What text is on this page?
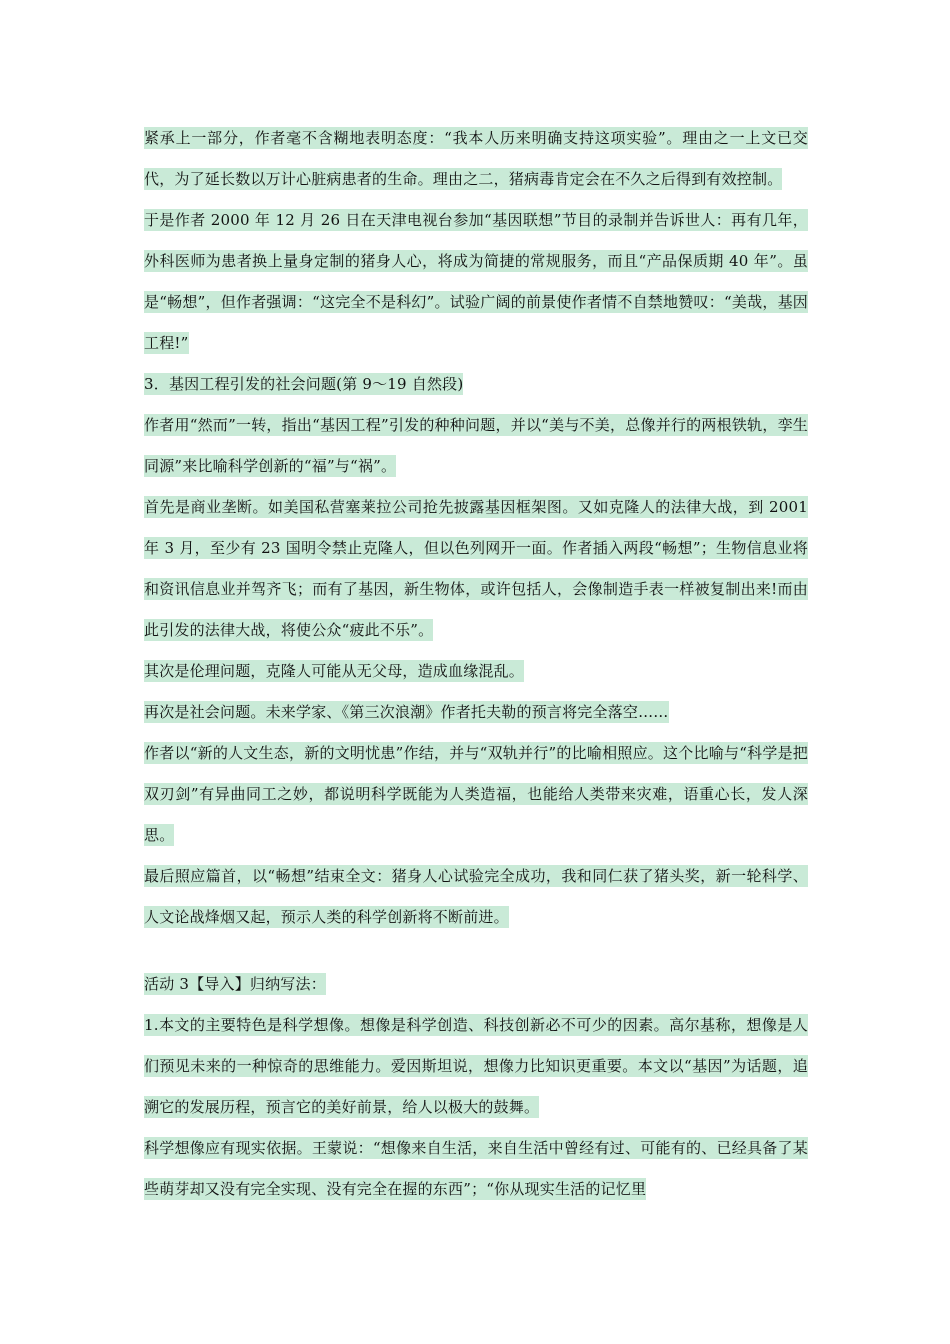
紧承上一部分，作者毫不含糊地表明态度：“我本人历来明确支持这项实验”。理由之一上文已交代，为了延长数以万计心脏病患者的生命。理由之二，猪病毒肯定会在不久之后得到有效控制。

于是作者 2000 年 12 月 26 日在天津电视台参加“基因联想”节目的录制并告诉世人：再有几年，外科医师为患者换上量身定制的猪身人心，将成为简捷的常规服务，而且“产品保质期 40 年”。虽是“畅想”，但作者强调：“这完全不是科幻”。试验广阔的前景使作者情不自禁地赞叹：“美哉，基因工程!”

3．基因工程引发的社会问题(第 9～19 自然段)

作者用“然而”一转，指出“基因工程”引发的种种问题，并以“美与不美，总像并行的两根铁轨，孪生同源”来比喻科学创新的“福”与“祸”。

首先是商业垄断。如美国私营塞莱拉公司抢先披露基因框架图。又如克隆人的法律大战，到 2001 年 3 月，至少有 23 国明令禁止克隆人，但以色列网开一面。作者插入两段“畅想”；生物信息业将和资讯信息业并驾齐飞；而有了基因，新生物体，或许包括人，会像制造手表一样被复制出来!而由此引发的法律大战，将使公众“疲此不乐”。

其次是伦理问题，克隆人可能从无父母，造成血缘混乱。

再次是社会问题。未来学家、《第三次浪潮》作者托夫勒的预言将完全落空……

作者以“新的人文生态，新的文明忧患”作结，并与“双轨并行”的比喻相照应。这个比喻与“科学是把双刃剑”有异曲同工之妙，都说明科学既能为人类造福，也能给人类带来灾难，语重心长，发人深思。

最后照应篇首，以“畅想”结束全文：猪身人心试验完全成功，我和同仁获了猪头奖，新一轮科学、人文论战烽烟又起，预示人类的科学创新将不断前进。

活动 3【导入】归纳写法：

1.本文的主要特色是科学想像。想像是科学创造、科技创新必不可少的因素。高尔基称，想像是人们预见未来的一种惊奇的思维能力。爱因斯坦说，想像力比知识更重要。本文以“基因”为话题，追溯它的发展历程，预言它的美好前景，给人以极大的鼓舞。

科学想像应有现实依据。王蒙说：“想像来自生活，来自生活中曾经有过、可能有的、已经具备了某些萌芽却又没有完全实现、没有完全在握的东西”；“你从现实生活的记忆里
